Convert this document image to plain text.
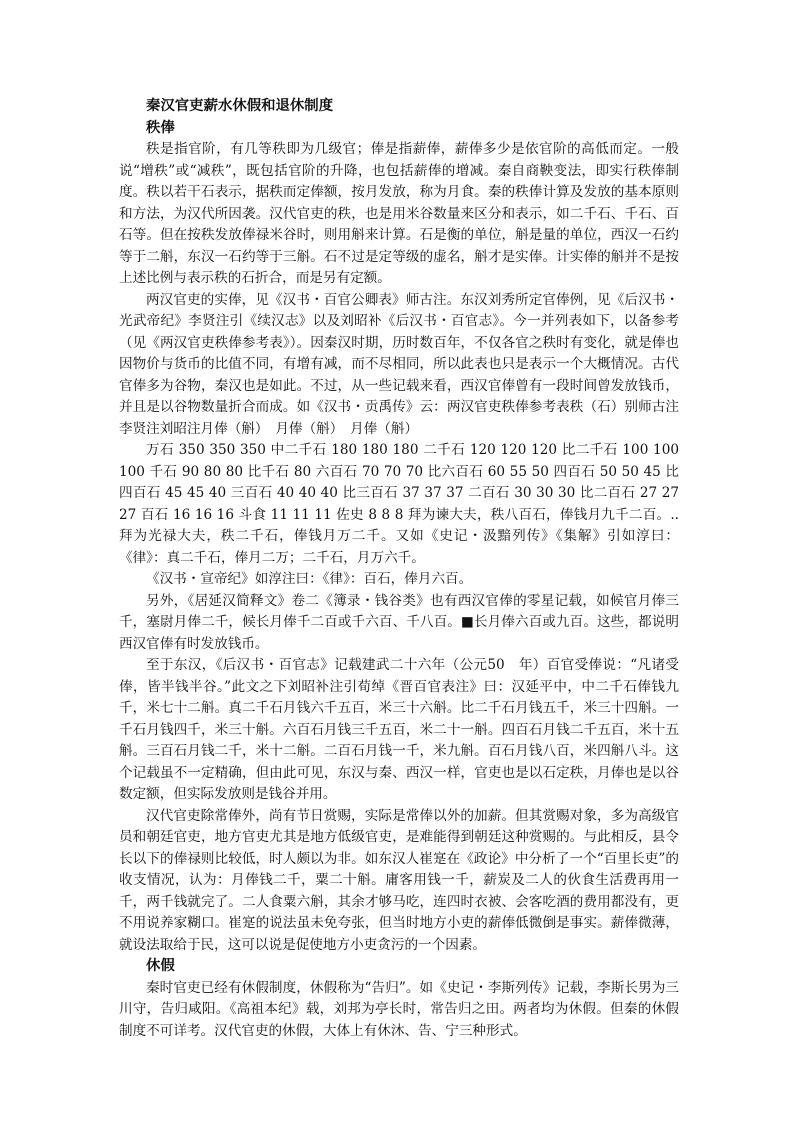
秦汉官吏薪水休假和退休制度
秩俸

秩是指官阶，有几等秩即为几级官；俸是指薪俸，薪俸多少是依官阶的高低而定。一般说“增秩”或“减秩”，既包括官阶的升降，也包括薪俸的增减。秦自商鞅变法，即实行秩俸制度。秩以若干石表示，据秩而定俸额，按月发放，称为月食。秦的秩俸计算及发放的基本原则和方法，为汉代所因袭。汉代官吏的秩，也是用米谷数量来区分和表示，如二千石、千石、百石等。但在按秩发放俸禄米谷时，则用斛来计算。石是衡的单位，斛是量的单位，西汉一石约等于二斛，东汉一石约等于三斛。石不过是定等级的虚名，斛才是实俸。计实俸的斛并不是按上述比例与表示秩的石折合，而是另有定额。

两汉官吏的实俸，见《汉书・百官公卿表》师古注。东汉刘秀所定官俸例，见《后汉书・光武帝纪》李贤注引《续汉志》以及刘昭补《后汉书・百官志》。今一并列表如下，以备参考（见《两汉官吏秩俸参考表》）。因秦汉时期，历时数百年，不仅各官之秩时有变化，就是俸也因物价与货币的比值不同，有增有减，而不尽相同，所以此表也只是表示一个大概情况。古代官俸多为谷物，秦汉也是如此。不过，从一些记载来看，西汉官俸曾有一段时间曾发放钱币，并且是以谷物数量折合而成。如《汉书・贡禹传》云：两汉官吏秩俸参考表秩（石）别师古注李贤注刘昭注月俸（斛）　月俸（斛）　月俸（斛）

万石 350 350 350 中二千石 180 180 180 二千石 120 120 120 比二千石 100 100 100 千石 90 80 80 比千石 80 六百石 70 70 70 比六百石 60 55 50 四百石 50 50 45 比四百石 45 45 40 三百石 40 40 40 比三百石 37 37 37 二百石 30 30 30 比二百石 27 27 27 百石 16 16 16 斗食 11 11 11 佐史 8 8 8 拜为谏大夫，秩八百石，俸钱月九千二百。..拜为光禄大夫，秩二千石，俸钱月万二千。又如《史记・汲黯列传》《集解》引如淳曰：《律》：真二千石，俸月二万；二千石，月万六千。

《汉书・宣帝纪》如淳注曰：《律》：百石，俸月六百。

另外，《居延汉简释文》卷二《簿录・钱谷类》也有西汉官俸的零星记载，如候官月俸三千，塞尉月俸二千，候长月俸千二百或千六百、千八百。■长月俸六百或九百。这些，都说明西汉官俸有时发放钱币。

至于东汉，《后汉书・百官志》记载建武二十六年（公元50　年）百官受俸说：“凡诸受俸，皆半钱半谷。”此文之下刘昭补注引荀绰《晋百官表注》曰：汉延平中，中二千石俸钱九千，米七十二斛。真二千石月钱六千五百，米三十六斛。比二千石月钱五千，米三十四斛。一千石月钱四千，米三十斛。六百石月钱三千五百，米二十一斛。四百石月钱二千五百，米十五斛。三百石月钱二千，米十二斛。二百石月钱一千，米九斛。百石月钱八百，米四斛八斗。这个记载虽不一定精确，但由此可见，东汉与秦、西汉一样，官吏也是以石定秩，月俸也是以谷数定额，但实际发放则是钱谷并用。

汉代官吏除常俸外，尚有节日赏赐，实际是常俸以外的加薪。但其赏赐对象，多为高级官员和朝廷官吏，地方官吏尤其是地方低级官吏，是难能得到朝廷这种赏赐的。与此相反，县令长以下的俸禄则比较低，时人颇以为非。如东汉人崔寔在《政论》中分析了一个“百里长吏”的收支情况，认为：月俸钱二千，粟二十斛。庸客用钱一千，薪炭及二人的伙食生活费再用一千，两千钱就完了。二人食粟六斛，其余才够马吃，连四时衣被、会客吃酒的费用都没有，更不用说养家糊口。崔寔的说法虽未免夸张，但当时地方小吏的薪俸低微倒是事实。薪俸微薄，就设法取给于民，这可以说是促使地方小吏贪污的一个因素。

休假

秦时官吏已经有休假制度，休假称为“告归”。如《史记・李斯列传》记载，李斯长男为三川守，告归咸阳。《高祖本纪》载，刘邦为亭长时，常告归之田。两者均为休假。但秦的休假制度不可详考。汉代官吏的休假，大体上有休沐、告、宁三种形式。
